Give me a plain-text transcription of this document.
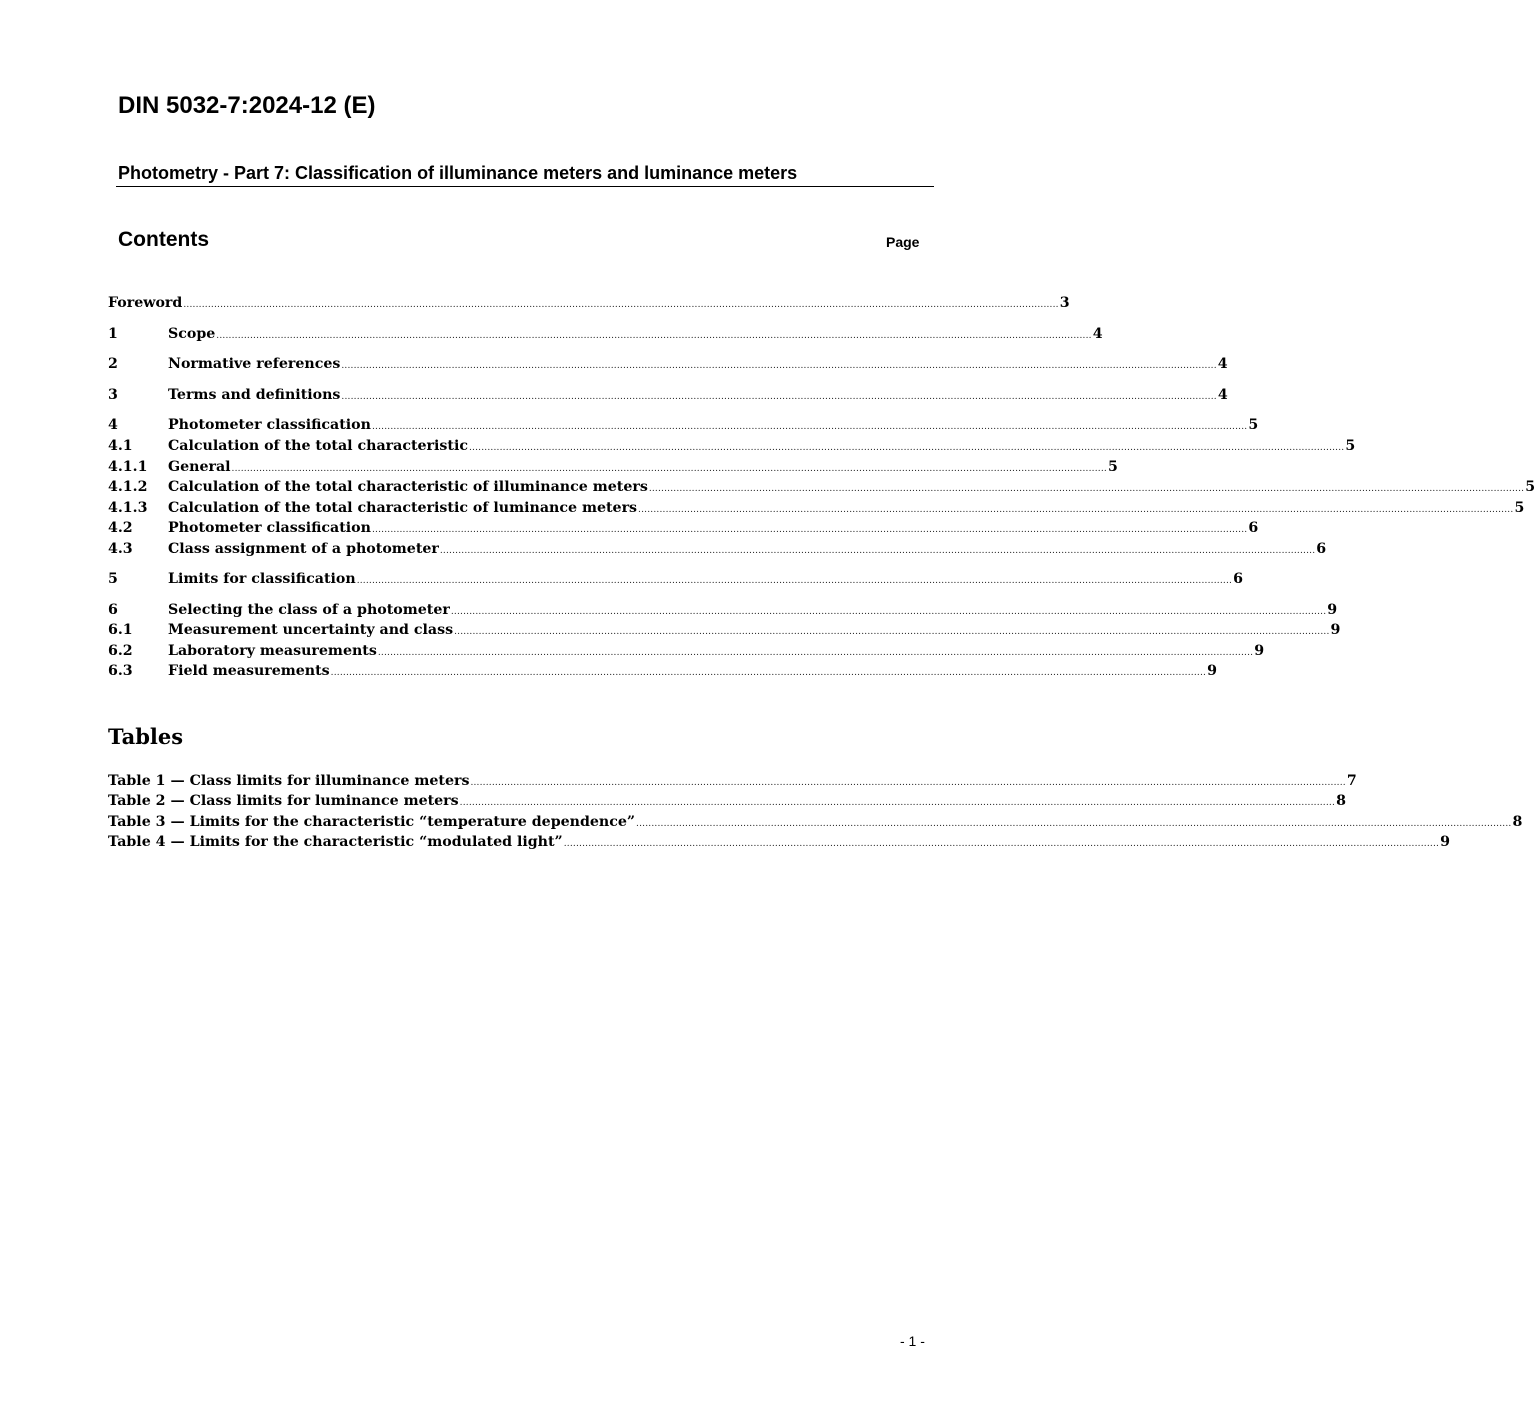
DIN 5032-7:2024-12 (E)
Photometry - Part 7: Classification of illuminance meters and luminance meters
Contents	Page
Foreword .............................................................................................................................................................................................................................................................................................. 3
1	Scope .............................................................................................................................................................................................................................................................................................. 4
2	Normative references .............................................................................................................................................................................................................................................................................................. 4
3	Terms and definitions .............................................................................................................................................................................................................................................................................................. 4
4	Photometer classification .............................................................................................................................................................................................................................................................................................. 5
4.1	Calculation of the total characteristic .............................................................................................................................................................................................................................................................................................. 5
4.1.1	General .............................................................................................................................................................................................................................................................................................. 5
4.1.2	Calculation of the total characteristic of illuminance meters .............................................................................................................................................................................................................................................................................................. 5
4.1.3	Calculation of the total characteristic of luminance meters .............................................................................................................................................................................................................................................................................................. 5
4.2	Photometer classification .............................................................................................................................................................................................................................................................................................. 6
4.3	Class assignment of a photometer .............................................................................................................................................................................................................................................................................................. 6
5	Limits for classification .............................................................................................................................................................................................................................................................................................. 6
6	Selecting the class of a photometer .............................................................................................................................................................................................................................................................................................. 9
6.1	Measurement uncertainty and class .............................................................................................................................................................................................................................................................................................. 9
6.2	Laboratory measurements .............................................................................................................................................................................................................................................................................................. 9
6.3	Field measurements .............................................................................................................................................................................................................................................................................................. 9
Tables
Table 1 — Class limits for illuminance meters .............................................................................................................................................................................................................................................................................................. 7
Table 2 — Class limits for luminance meters .............................................................................................................................................................................................................................................................................................. 8
Table 3 — Limits for the characteristic “temperature dependence” .............................................................................................................................................................................................................................................................................................. 8
Table 4 — Limits for the characteristic “modulated light” .............................................................................................................................................................................................................................................................................................. 9
- 1 -
